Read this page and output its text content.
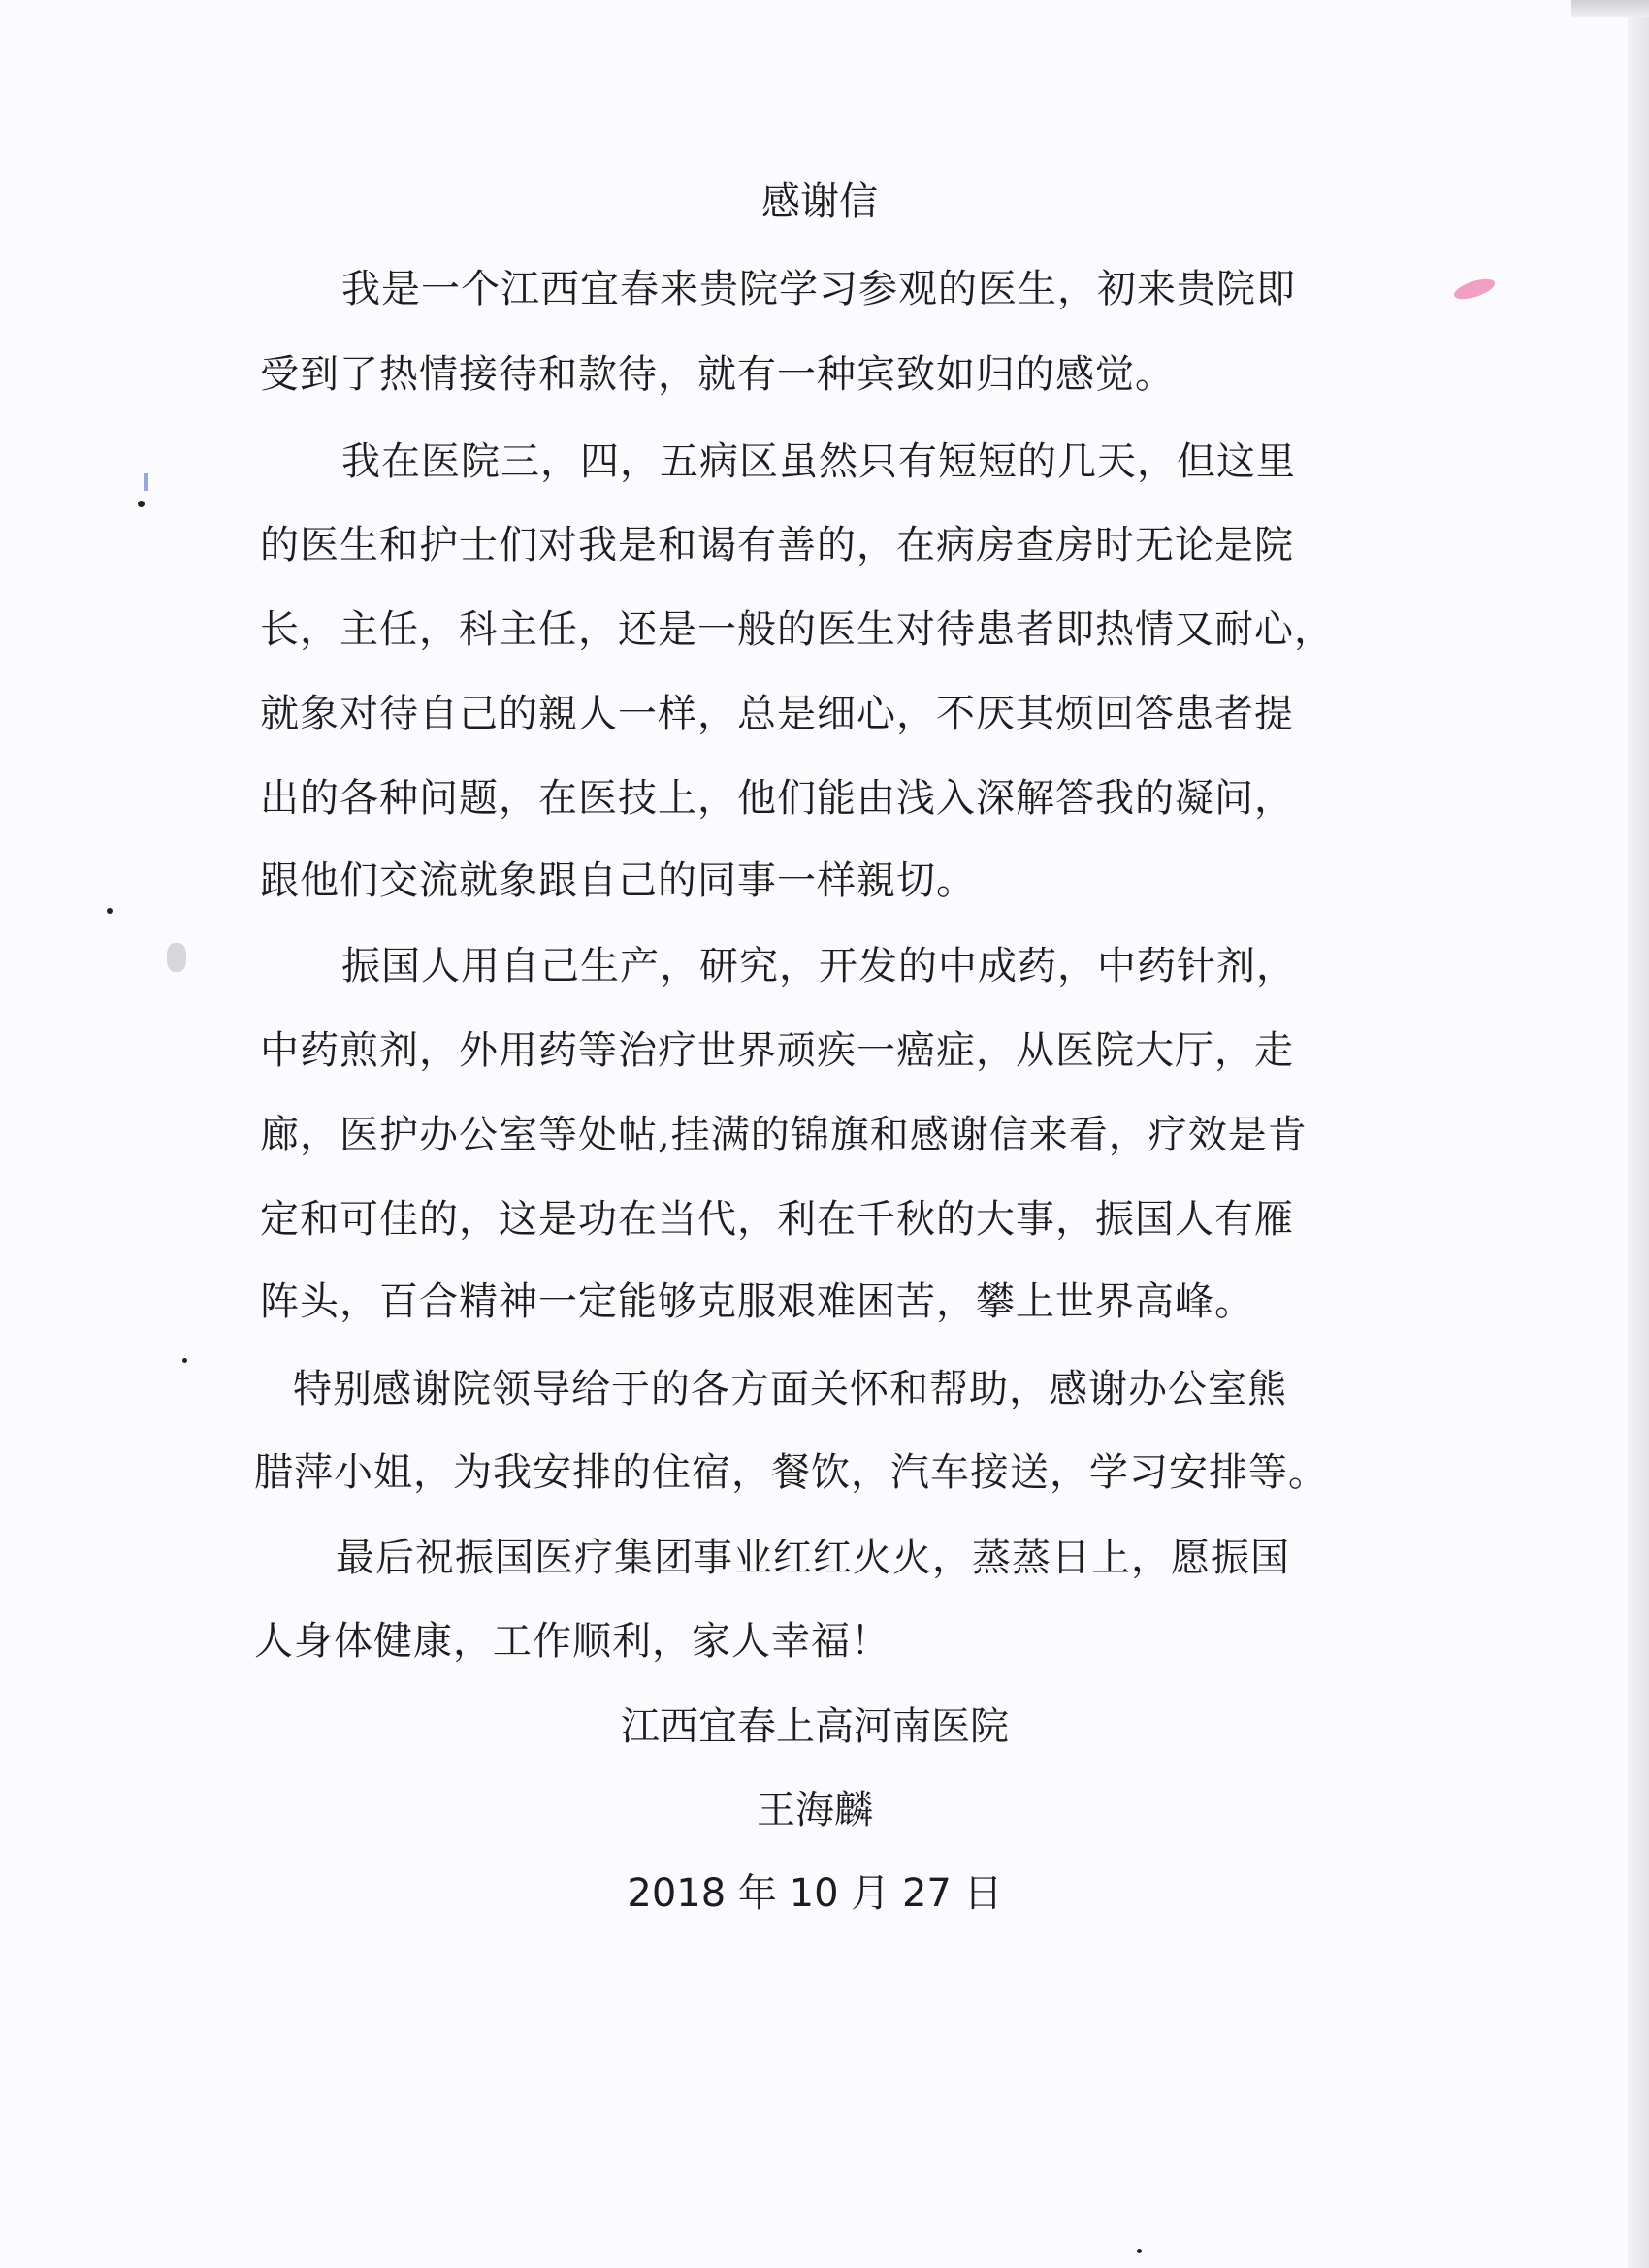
感谢信
我是一个江西宜春来贵院学习参观的医生，初来贵院即
受到了热情接待和款待，就有一种宾致如归的感觉。
我在医院三，四，五病区虽然只有短短的几天，但这里
的医生和护士们对我是和谒有善的，在病房查房时无论是院
长，主任，科主任，还是一般的医生对待患者即热情又耐心，
就象对待自己的親人一样，总是细心，不厌其烦回答患者提
出的各种问题，在医技上，他们能由浅入深解答我的凝问，
跟他们交流就象跟自己的同事一样親切。
振国人用自己生产，研究，开发的中成药，中药针剂，
中药煎剂，外用药等治疗世界顽疾一癌症，从医院大厅，走
廊，医护办公室等处帖,挂满的锦旗和感谢信来看，疗效是肯
定和可佳的，这是功在当代，利在千秋的大事，振国人有雁
阵头，百合精神一定能够克服艰难困苦，攀上世界高峰。
特别感谢院领导给于的各方面关怀和帮助，感谢办公室熊
腊萍小姐，为我安排的住宿，餐饮，汽车接送，学习安排等。
最后祝振国医疗集团事业红红火火，蒸蒸日上，愿振国
人身体健康，工作顺利，家人幸福！
江西宜春上高河南医院
王海麟
2018 年 10 月 27 日
